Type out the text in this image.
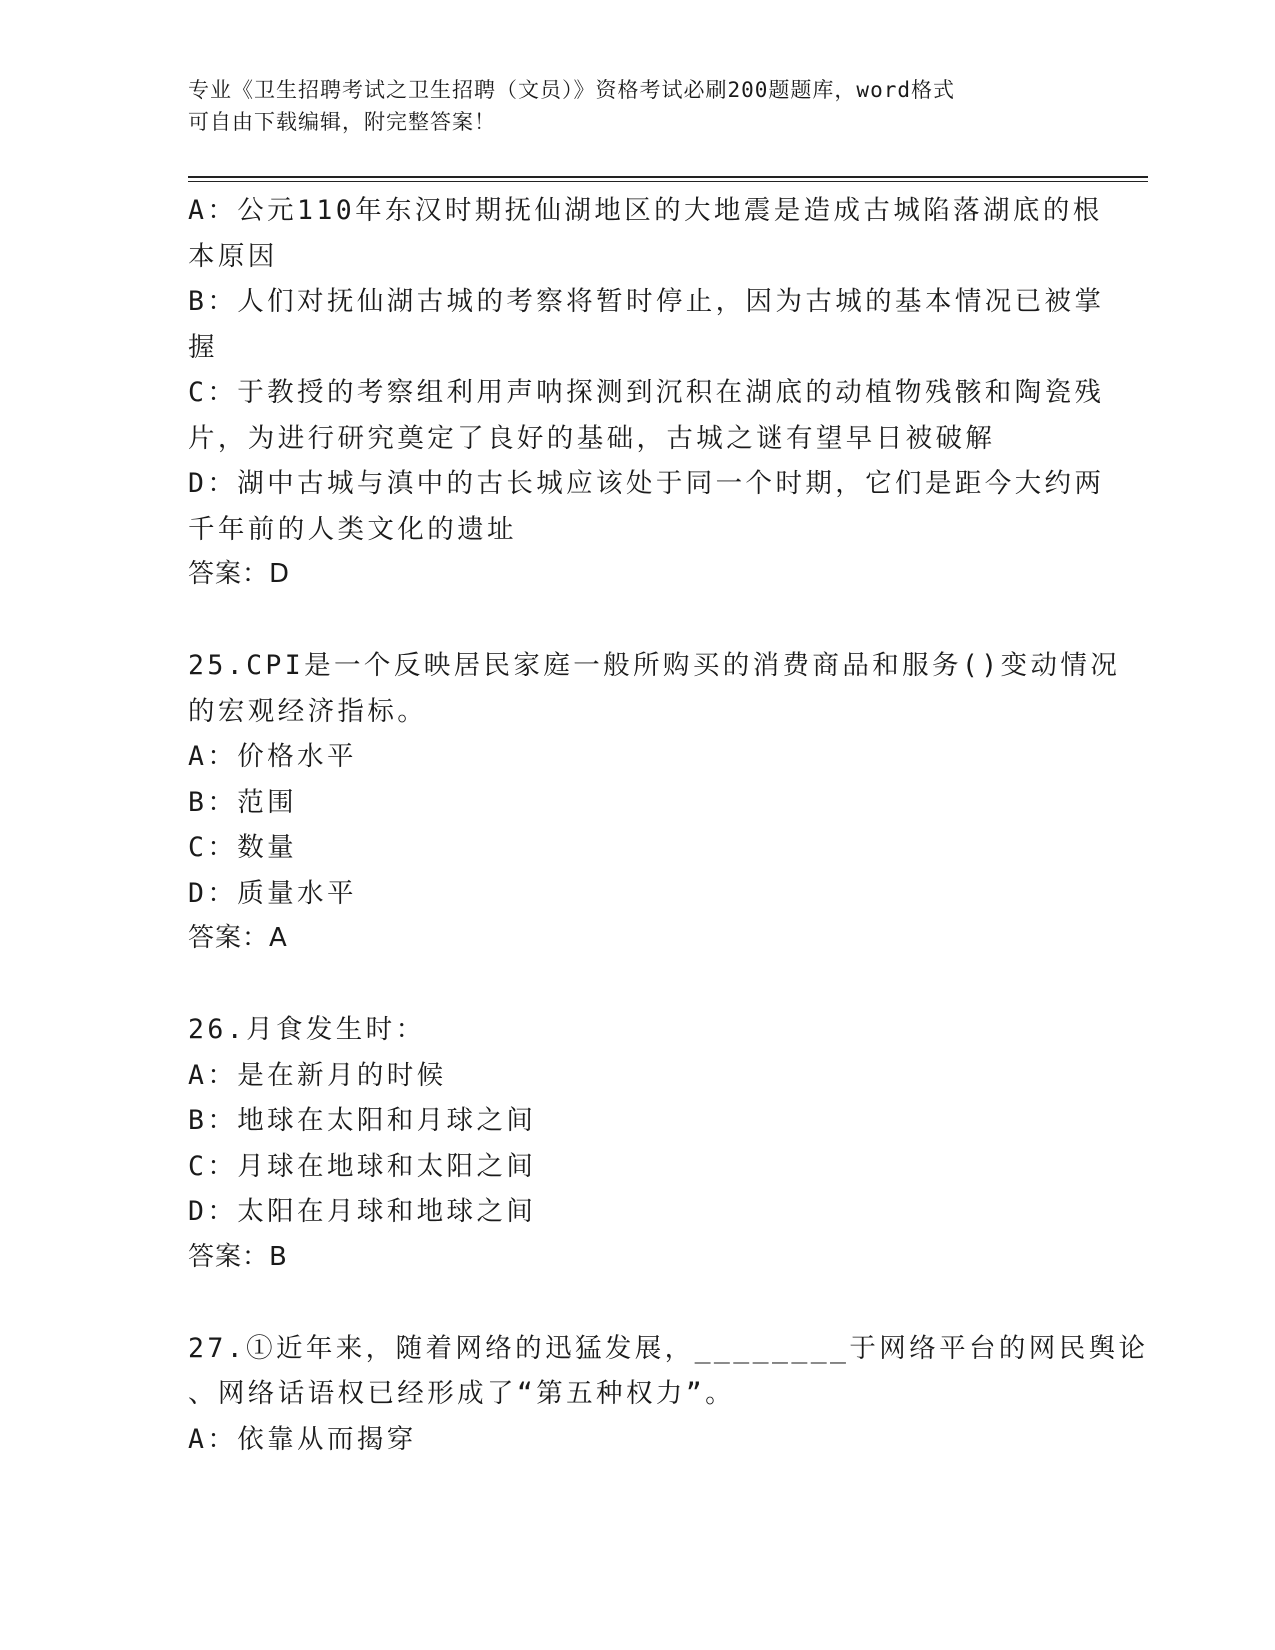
专业《卫生招聘考试之卫生招聘（文员）》资格考试必刷200题题库，word格式

可自由下载编辑，附完整答案！

A：公元110年东汉时期抚仙湖地区的大地震是造成古城陷落湖底的根

本原因

B：人们对抚仙湖古城的考察将暂时停止，因为古城的基本情况已被掌

握

C：于教授的考察组利用声呐探测到沉积在湖底的动植物残骸和陶瓷残

片，为进行研究奠定了良好的基础，古城之谜有望早日被破解

D：湖中古城与滇中的古长城应该处于同一个时期，它们是距今大约两

千年前的人类文化的遗址

答案：D

25.CPI是一个反映居民家庭一般所购买的消费商品和服务()变动情况

的宏观经济指标。

A：价格水平

B：范围

C：数量

D：质量水平

答案：A

26.月食发生时：

A：是在新月的时候

B：地球在太阳和月球之间

C：月球在地球和太阳之间

D：太阳在月球和地球之间

答案：B

27.①近年来，随着网络的迅猛发展，________于网络平台的网民舆论

、网络话语权已经形成了“第五种权力”。

A：依靠从而揭穿
